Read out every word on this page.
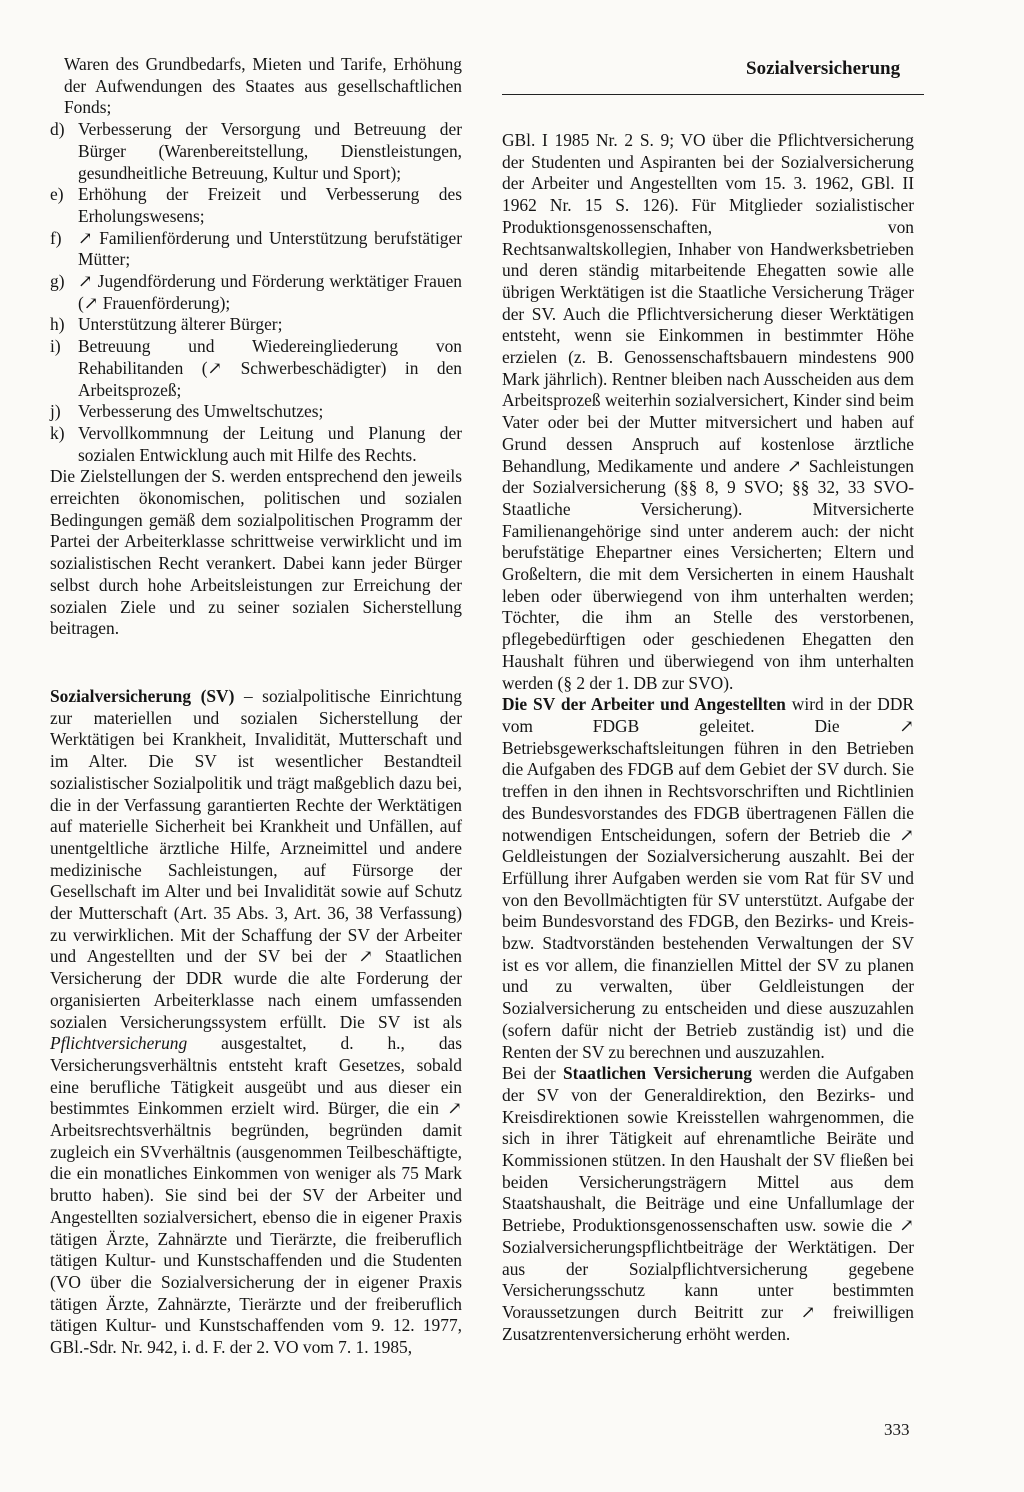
Sozialversicherung

Waren des Grundbedarfs, Mieten und Tarife, Erhöhung der Aufwendungen des Staates aus gesellschaftlichen Fonds;

d) Verbesserung der Versorgung und Betreuung der Bürger (Warenbereitstellung, Dienstleistungen, gesundheitliche Betreuung, Kultur und Sport);
e) Erhöhung der Freizeit und Verbesserung des Erholungswesens;
f) ↗ Familienförderung und Unterstützung berufstätiger Mütter;
g) ↗ Jugendförderung und Förderung werktätiger Frauen (↗ Frauenförderung);
h) Unterstützung älterer Bürger;
i) Betreuung und Wiedereingliederung von Rehabilitanden (↗ Schwerbeschädigter) in den Arbeitsprozeß;
j) Verbesserung des Umweltschutzes;
k) Vervollkommnung der Leitung und Planung der sozialen Entwicklung auch mit Hilfe des Rechts.

Die Zielstellungen der S. werden entsprechend den jeweils erreichten ökonomischen, politischen und sozialen Bedingungen gemäß dem sozialpolitischen Programm der Partei der Arbeiterklasse schrittweise verwirklicht und im sozialistischen Recht verankert. Dabei kann jeder Bürger selbst durch hohe Arbeitsleistungen zur Erreichung der sozialen Ziele und zu seiner sozialen Sicherstellung beitragen.

Sozialversicherung (SV) – sozialpolitische Einrichtung zur materiellen und sozialen Sicherstellung der Werktätigen bei Krankheit, Invalidität, Mutterschaft und im Alter. Die SV ist wesentlicher Bestandteil sozialistischer Sozialpolitik und trägt maßgeblich dazu bei, die in der Verfassung garantierten Rechte der Werktätigen auf materielle Sicherheit bei Krankheit und Unfällen, auf unentgeltliche ärztliche Hilfe, Arzneimittel und andere medizinische Sachleistungen, auf Fürsorge der Gesellschaft im Alter und bei Invalidität sowie auf Schutz der Mutterschaft (Art. 35 Abs. 3, Art. 36, 38 Verfassung) zu verwirklichen. Mit der Schaffung der SV der Arbeiter und Angestellten und der SV bei der ↗ Staatlichen Versicherung der DDR wurde die alte Forderung der organisierten Arbeiterklasse nach einem umfassenden sozialen Versicherungssystem erfüllt. Die SV ist als Pflichtversicherung ausgestaltet, d. h., das Versicherungsverhältnis entsteht kraft Gesetzes, sobald eine berufliche Tätigkeit ausgeübt und aus dieser ein bestimmtes Einkommen erzielt wird. Bürger, die ein ↗ Arbeitsrechtsverhältnis begründen, begründen damit zugleich ein SVverhältnis (ausgenommen Teilbeschäftigte, die ein monatliches Einkommen von weniger als 75 Mark brutto haben). Sie sind bei der SV der Arbeiter und Angestellten sozialversichert, ebenso die in eigener Praxis tätigen Ärzte, Zahnärzte und Tierärzte, die freiberuflich tätigen Kultur- und Kunstschaffenden und die Studenten (VO über die Sozialversicherung der in eigener Praxis tätigen Ärzte, Zahnärzte, Tierärzte und der freiberuflich tätigen Kultur- und Kunstschaffenden vom 9. 12. 1977, GBl.-Sdr. Nr. 942, i. d. F. der 2. VO vom 7. 1. 1985,

GBl. I 1985 Nr. 2 S. 9; VO über die Pflichtversicherung der Studenten und Aspiranten bei der Sozialversicherung der Arbeiter und Angestellten vom 15. 3. 1962, GBl. II 1962 Nr. 15 S. 126). Für Mitglieder sozialistischer Produktionsgenossenschaften, von Rechtsanwaltskollegien, Inhaber von Handwerksbetrieben und deren ständig mitarbeitende Ehegatten sowie alle übrigen Werktätigen ist die Staatliche Versicherung Träger der SV. Auch die Pflichtversicherung dieser Werktätigen entsteht, wenn sie Einkommen in bestimmter Höhe erzielen (z. B. Genossenschaftsbauern mindestens 900 Mark jährlich). Rentner bleiben nach Ausscheiden aus dem Arbeitsprozeß weiterhin sozialversichert, Kinder sind beim Vater oder bei der Mutter mitversichert und haben auf Grund dessen Anspruch auf kostenlose ärztliche Behandlung, Medikamente und andere ↗ Sachleistungen der Sozialversicherung (§§ 8, 9 SVO; §§ 32, 33 SVO-Staatliche Versicherung). Mitversicherte Familienangehörige sind unter anderem auch: der nicht berufstätige Ehepartner eines Versicherten; Eltern und Großeltern, die mit dem Versicherten in einem Haushalt leben oder überwiegend von ihm unterhalten werden; Töchter, die ihm an Stelle des verstorbenen, pflegebedürftigen oder geschiedenen Ehegatten den Haushalt führen und überwiegend von ihm unterhalten werden (§ 2 der 1. DB zur SVO).

Die SV der Arbeiter und Angestellten wird in der DDR vom FDGB geleitet. Die ↗ Betriebsgewerkschaftsleitungen führen in den Betrieben die Aufgaben des FDGB auf dem Gebiet der SV durch. Sie treffen in den ihnen in Rechtsvorschriften und Richtlinien des Bundesvorstandes des FDGB übertragenen Fällen die notwendigen Entscheidungen, sofern der Betrieb die ↗ Geldleistungen der Sozialversicherung auszahlt. Bei der Erfüllung ihrer Aufgaben werden sie vom Rat für SV und von den Bevollmächtigten für SV unterstützt. Aufgabe der beim Bundesvorstand des FDGB, den Bezirks- und Kreis- bzw. Stadtvorständen bestehenden Verwaltungen der SV ist es vor allem, die finanziellen Mittel der SV zu planen und zu verwalten, über Geldleistungen der Sozialversicherung zu entscheiden und diese auszuzahlen (sofern dafür nicht der Betrieb zuständig ist) und die Renten der SV zu berechnen und auszuzahlen.

Bei der Staatlichen Versicherung werden die Aufgaben der SV von der Generaldirektion, den Bezirks- und Kreisdirektionen sowie Kreisstellen wahrgenommen, die sich in ihrer Tätigkeit auf ehrenamtliche Beiräte und Kommissionen stützen. In den Haushalt der SV fließen bei beiden Versicherungsträgern Mittel aus dem Staatshaushalt, die Beiträge und eine Unfallumlage der Betriebe, Produktionsgenossenschaften usw. sowie die ↗ Sozialversicherungspflichtbeiträge der Werktätigen. Der aus der Sozialpflichtversicherung gegebene Versicherungsschutz kann unter bestimmten Voraussetzungen durch Beitritt zur ↗ freiwilligen Zusatzrentenversicherung erhöht werden.

333
